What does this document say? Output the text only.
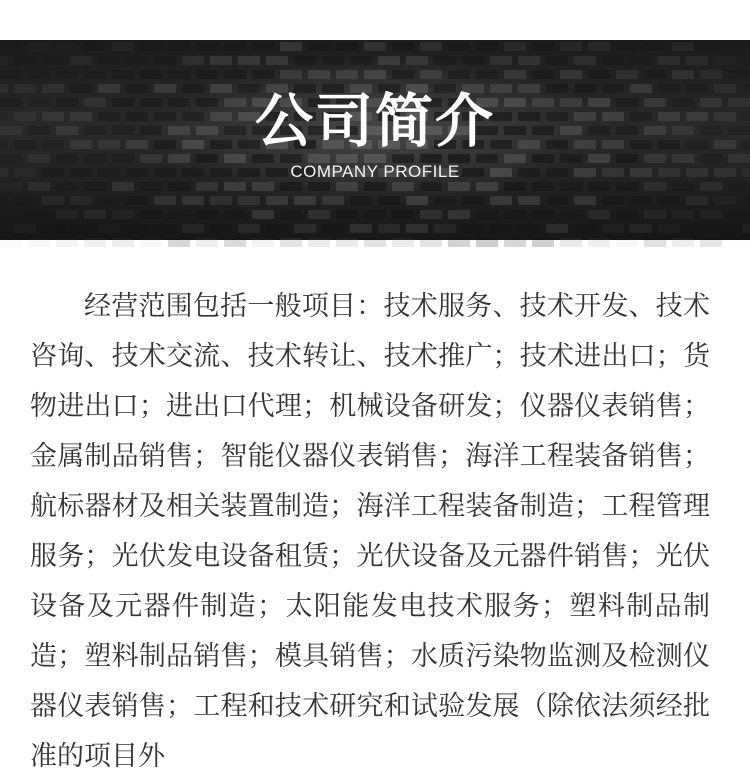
公司简介
COMPANY PROFILE

经营范围包括一般项目：技术服务、技术开发、技术咨询、技术交流、技术转让、技术推广；技术进出口；货物进出口；进出口代理；机械设备研发；仪器仪表销售；金属制品销售；智能仪器仪表销售；海洋工程装备销售；航标器材及相关装置制造；海洋工程装备制造；工程管理服务；光伏发电设备租赁；光伏设备及元器件销售；光伏设备及元器件制造；太阳能发电技术服务；塑料制品制造；塑料制品销售；模具销售；水质污染物监测及检测仪器仪表销售；工程和技术研究和试验发展（除依法须经批准的项目外
